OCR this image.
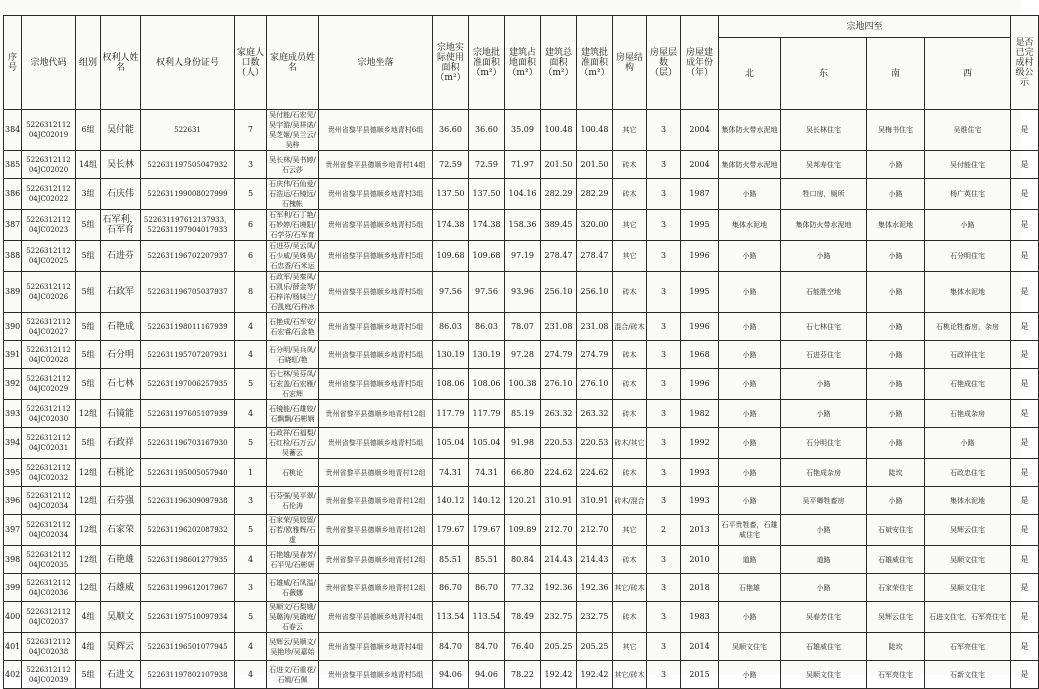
序号	宗地代码	组别	权利人姓名	权利人身份证号	家庭人口数（人）	家庭成员姓名	宗地坐落	宗地实际使用面积（m²）	宗地批准面积（m²）	建筑占地面积（m²）	建筑总面积（m²）	建筑批准面积（m²）	房屋结构	房屋层数（层）	房屋建成年份（年）	宗地四至				是否已完成村级公示
																北	东	南	西	
384	5226312112 04JC02019	6组	吴付能	522631	7	吴付能/石宏见/吴宇游/吴祥诺/吴芝姬/吴兰云/吴梓	贵州省黎平县德顺乡地青村6组	36.60	36.60	35.09	100.48	100.48	其它	3	2004	集体防火带水泥地	吴长林住宅	吴梅书住宅	吴维住宅	是
385	5226312112 04JC02020	14组	吴长林	522631197505047932	3	吴长林/吴书婷/石云莎	贵州省黎平县德顺乡地青村14组	72.59	72.59	71.97	201.50	201.50	砖木	3	2004	集体防火带水泥地	吴邦寿住宅	小路	吴付能住宅	是
386	5226312112 04JC02022	3组	石庆伟	522631199008027999	5	石庆伟/石仙爱/石浩运/石镜远/石槐帐	贵州省黎平县德顺乡地青村3组	137.50	137.50	104.16	282.29	282.29	砖木	3	1987	小路	牲口房，厕所	小路	杨广英住宅	是
387	5226312112 04JC02023	5组	石军利，石军育	522631197612137933，522631197904017933	6	石军利/石丁艳/石妙婷/石境阳/石学芬/石军育	贵州省黎平县德顺乡地青村5组	174.38	174.38	158.36	389.45	320.00	其它	3	1995	集体水泥地	集体防火带水泥地	集体水泥地	小路	是
388	5226312112 04JC02025	5组	石进芬	522631196702207937	6	石进芬/吴云凤/石少威/吴姝昊/石忠香/石米运	贵州省黎平县德顺乡地青村5组	109.68	109.68	97.19	278.47	278.47	其它	3	1996	小路	小路	小路	石分明住宅	是
389	5226312112 04JC02026	5组	石政军	522631196705037937	8	石政军/吴秦凤/石凯乐/薛金琴/石梓洋/杨妹兰/石凯庭/石梓冰	贵州省黎平县德顺乡地青村5组	97.56	97.56	93.96	256.10	256.10	砖木	3	1995	小路	石能胜空地	小路	集体水泥地	是
390	5226312112 04JC02027	5组	石艳成	522631198011167939	4	石艳成/石军安/石宏睿/石金艳	贵州省黎平县德顺乡地青村5组	86.03	86.03	78.07	231.08	231.08	混合/砖木	3	1996	小路	石七林住宅	小路	石桃论牲畜房，杂房	是
391	5226312112 04JC02028	5组	石分明	522631195707207931	4	石分明/吴兵凤/石晓虹/艳	贵州省黎平县德顺乡地青村5组	130.19	130.19	97.28	274.79	274.79	砖木	3	1968	小路	石进芬住宅	小路	石政祥住宅	是
392	5226312112 04JC02029	5组	石七林	522631197006257935	5	石七林/吴芬凤/石宏盖/石宏雁/石宏辉	贵州省黎平县德顺乡地青村5组	108.06	108.06	100.38	276.10	276.10	砖木	3	1996	小路	小路	小路	石艳成住宅	是
393	5226312112 04JC02030	12组	石镜能	522631197605107939	4	石镜能/石雄姣/石飘飘/石彬娴	贵州省黎平县德顺乡地青村12组	117.79	117.79	85.19	263.32	263.32	砖木	3	1982	小路	小路	小路	石艳成杂房	是
394	5226312112 04JC02031	5组	石政祥	522631196703167930	5	石政祥/石福梨/石红检/石万云/吴蓄云	贵州省黎平县德顺乡地青村5组	105.04	105.04	91.98	220.53	220.53	砖木/其它	3	1992	小路	石分明住宅	小路	小路	是
395	5226312112 04JC02032	12组	石桃论	522631195005057940	1	石桃论	贵州省黎平县德顺乡地青村12组	74.31	74.31	66.80	224.62	224.62	砖木	3	1993	小路	石艳成杂房	陡坎	石政忠住宅	是
396	5226312112 04JC02034	12组	石芬强	522631196309097938	3	石芬强/吴平翠/石伦涛	贵州省黎平县德顺乡地青村12组	140.12	140.12	120.21	310.91	310.91	砖木/混合	3	1993	小路	吴平卿牲畜房	小路	集体水泥地	是
397	5226312112 04JC02034	12组	石家荣	522631196202087932	5	石家荣/吴姣留/石若/欧雅辉/石虚	贵州省黎平县德顺乡地青村12组	179.67	179.67	109.89	212.70	212.70	其它	2	2013	石平贵牲畜，石雄威住宅	小路	石斌安住宅	吴辉云住宅	是
398	5226312112 04JC02035	12组	石艳雄	522631198601277935	4	石艳雄/吴春芳/石平见/石彬妍	贵州省黎平县德顺乡地青村12组	85.51	85.51	80.84	214.43	214.43	砖木	3	2010	道路	道路	石雄威住宅	吴顺文住宅	是
399	5226312112 04JC02036	12组	石雄威	522631199612017967	3	石雄威/石凤溢/石薇娜	贵州省黎平县德顺乡地青村12组	86.70	86.70	77.32	192.36	192.36	其它/砖木	3	2018	石艳雄	小路	石家荣住宅	吴顺文住宅	是
400	5226312112 04JC02037	4组	吴顺文	522631197510097934	5	吴顺文/石梨娥/吴璐涛/吴璐庭/石春云	贵州省黎平县德顺乡地青村4组	113.54	113.54	78.49	232.75	232.75	砖木	3	1983	小路	吴春芳住宅	吴辉云住宅	石进文住宅，石军亮住宅	是
401	5226312112 04JC02038	4组	吴辉云	522631196501077945	4	吴辉云/吴顺文/吴艳珍/吴嘉始	贵州省黎平县德顺乡地青村4组	84.70	84.70	76.40	205.25	205.25	其它	3	2014	吴顺文住宅	石雄威住宅	陡坎	石军亮住宅	是
402	5226312112 04JC02039	5组	石进文	522631197802107938	4	石进文/石重花/石嫣/石佩	贵州省黎平县德顺乡地青村5组	94.06	94.06	78.22	192.42	192.42	其它/砖木	3	2015	小路	吴顺文住宅	石军亮住宅	石新文住宅	是
